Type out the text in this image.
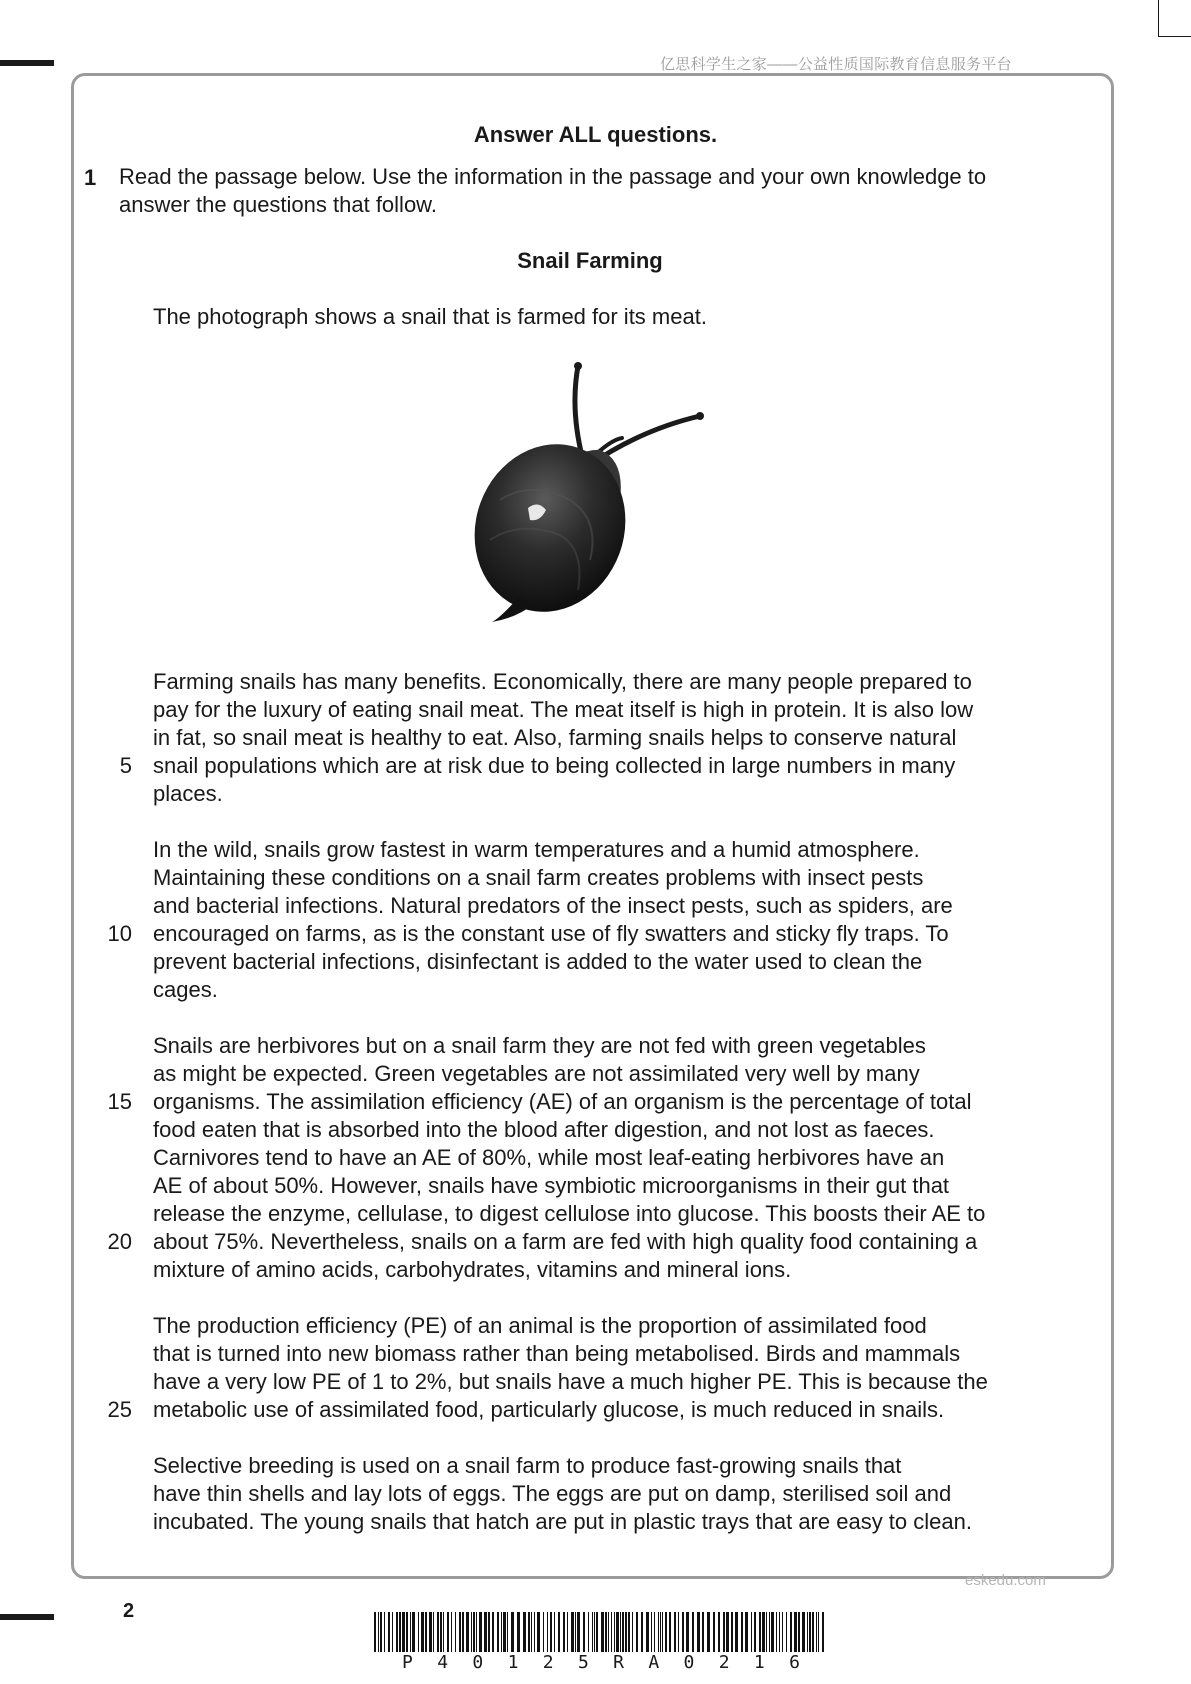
亿思科学生之家——公益性质国际教育信息服务平台
Answer ALL questions.
1 Read the passage below. Use the information in the passage and your own knowledge to answer the questions that follow.
Snail Farming

The photograph shows a snail that is farmed for its meat.

Farming snails has many benefits. Economically, there are many people prepared to
pay for the luxury of eating snail meat. The meat itself is high in protein. It is also low
in fat, so snail meat is healthy to eat. Also, farming snails helps to conserve natural
snail populations which are at risk due to being collected in large numbers in many
places.

5

In the wild, snails grow fastest in warm temperatures and a humid atmosphere.
Maintaining these conditions on a snail farm creates problems with insect pests
and bacterial infections. Natural predators of the insect pests, such as spiders, are
encouraged on farms, as is the constant use of fly swatters and sticky fly traps. To
prevent bacterial infections, disinfectant is added to the water used to clean the
cages.

10

Snails are herbivores but on a snail farm they are not fed with green vegetables
as might be expected. Green vegetables are not assimilated very well by many
organisms. The assimilation efficiency (AE) of an organism is the percentage of total
food eaten that is absorbed into the blood after digestion, and not lost as faeces.
Carnivores tend to have an AE of 80%, while most leaf-eating herbivores have an
AE of about 50%. However, snails have symbiotic microorganisms in their gut that
release the enzyme, cellulase, to digest cellulose into glucose. This boosts their AE to
about 75%. Nevertheless, snails on a farm are fed with high quality food containing a
mixture of amino acids, carbohydrates, vitamins and mineral ions.

15
20

The production efficiency (PE) of an animal is the proportion of assimilated food
that is turned into new biomass rather than being metabolised. Birds and mammals
have a very low PE of 1 to 2%, but snails have a much higher PE. This is because the
metabolic use of assimilated food, particularly glucose, is much reduced in snails.

25

Selective breeding is used on a snail farm to produce fast-growing snails that
have thin shells and lay lots of eggs. The eggs are put on damp, sterilised soil and
incubated. The young snails that hatch are put in plastic trays that are easy to clean.

eskedu.com
2
P 4 0 1 2 5 R A 0 2 1 6
